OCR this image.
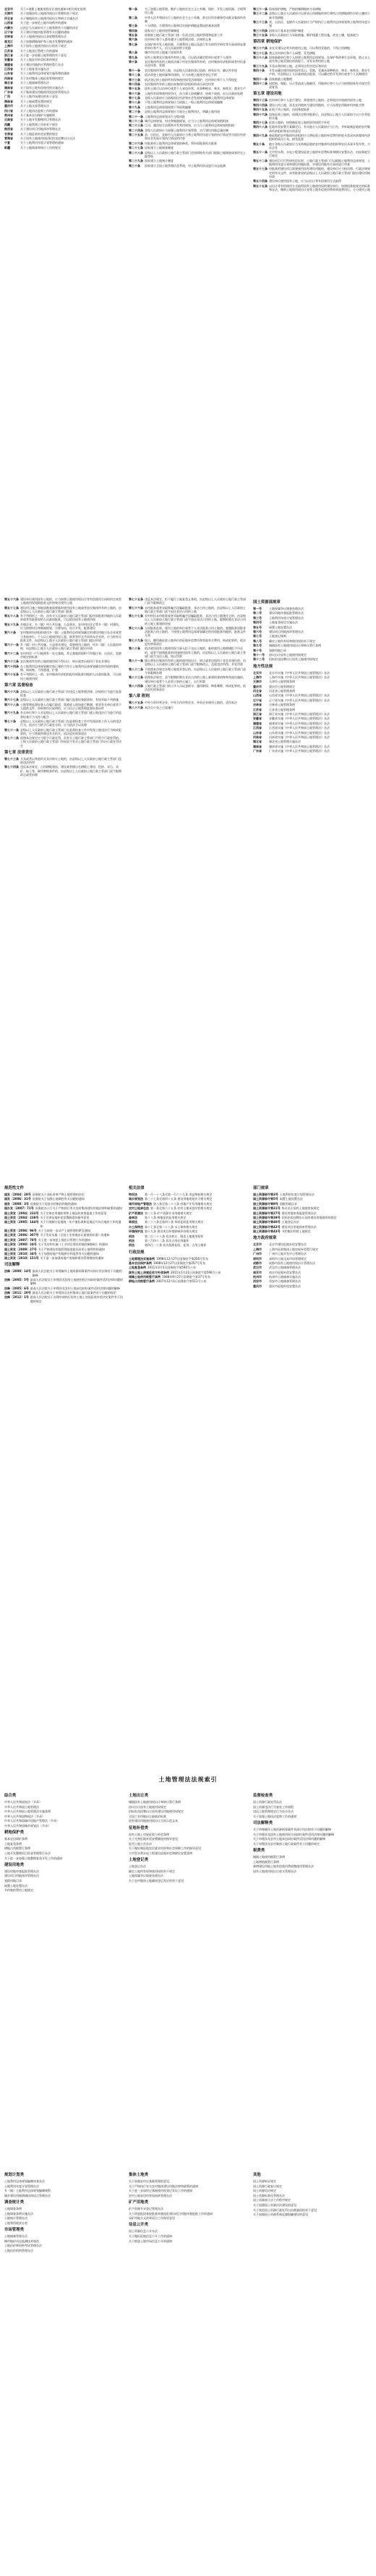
北京市	关于<划拨土地使用权出让金的通知>相关规定说明
天津市	关于加强国有土地使用权出让管理的若干规定
河北省	关于城镇国有土地使用权出让和转让实施办法
山西省	关于进一步规范土地市场秩序的通知
内蒙古	自治区人民政府关于土地管理若干问题的决定
辽宁省	关于建设用地审批管理有关问题的通知
吉林省	关于土地使用权出让金收缴管理办法
黑龙江	关于加强耕地保护和土地开发整理的通知
上海市	关于国有土地使用权出让的若干规定
江苏省	关于土地登记管理工作的通知
浙江省	关于进一步加强土地管理的若干意见
安徽省	关于土地征用补偿标准的规定
福建省	关于建设用地供应管理的暂行办法
江西省	关于土地复垦实施办法
山东省	关于土地利用总体规划实施管理的通知
河南省	关于农村集体土地征收管理的规定
湖北省	关于土地储备管理办法
湖南省	关于国有土地有偿使用的实施办法
广东省	关于集体建设用地使用权流转管理办法
广西	关于土地市场建设的若干意见
海南省	关于土地闲置处置的规定
重庆市	关于土地交易管理办法
四川省	关于土地执法监察工作的通知
贵州省	关于基本农田保护实施细则
云南省	关于土地开发整理项目管理办法
西藏	关于土地管理工作的若干规定
陕西省	关于建设项目用地预审管理办法
甘肃省	关于土地征收补偿安置的规定
青海省	关于国有土地使用权招标拍卖挂牌出让办法
宁夏	关于土地利用年度计划管理的通知
新疆	关于土地调查和统计工作的规定
第一条	为了加强土地管理，维护土地的社会主义公有制，保护、开发土地资源，合理利用土地
第二条	中华人民共和国实行土地的社会主义公有制，即全民所有制和劳动群众集体所有制
第三条	十分珍惜、合理利用土地和切实保护耕地是我国的基本国策
第四条	国家实行土地用途管制制度
第五条	国务院土地行政主管部门统一负责全国土地的管理和监督工作
第六条	任何单位和个人都有遵守土地管理法律、法规的义务
第七条	在保护和开发土地资源、合理利用土地以及进行有关的科学研究等方面成绩显著的单位和个人，由人民政府给予奖励
第八条	城市市区的土地属于国家所有
第九条	国有土地和农民集体所有的土地，可以依法确定给单位或者个人使用
第十条	农民集体所有的土地依法属于村农民集体所有的，由村集体经济组织或者村民委员会经营、管理
第十一条	农民集体所有的土地，由县级人民政府登记造册，核发证书，确认所有权
第十二条	依法改变土地权属和用途的，应当办理土地变更登记手续
第十三条	依法登记的土地的所有权和使用权受法律保护，任何单位和个人不得侵犯
第十四条	农民集体所有的土地由本集体经济组织的成员承包经营
第十五条	国有土地可以由单位或者个人承包经营，从事种植业、林业、畜牧业、渔业生产
第十六条	土地所有权和使用权争议，由当事人协商解决；协商不成的，由人民政府处理
第十七条	各级人民政府应当依据国民经济和社会发展规划编制土地利用总体规划
第十八条	下级土地利用总体规划应当依据上一级土地利用总体规划编制
第十九条	土地利用总体规划按照下列原则编制
第二十条	县级土地利用总体规划应当划分土地利用区，明确土地用途
第二十一条 土地利用总体规划实行分级审批
第二十二条 城市总体规划、村庄和集镇规划，应当与土地利用总体规划相衔接
第二十三条 江河、湖泊综合治理和开发利用规划，应当与土地利用总体规划相衔接
第二十四条 各级人民政府应当加强土地利用计划管理，实行建设用地总量控制
第二十五条 省、自治区、直辖市人民政府应当将土地利用年度计划的执行情况列为国民经济和社会发展计划执行情况的内容
第二十六条 经批准的土地利用总体规划的修改，须经原批准机关批准
第二十七条 国家建立土地调查制度
第二十八条 县级以上人民政府土地行政主管部门会同同级有关部门根据土地调查成果评定土地等级
第二十九条 国家建立土地统计制度
第三十条	国家建立全国土地管理信息系统，对土地利用状况进行动态监测
第三十一条 国家保护耕地，严格控制耕地转为非耕地
第三十二条 县级以上地方人民政府可以要求占用耕地的单位将所占用耕地耕作层的土壤用于新开垦耕地
第三十三条 省、自治区、直辖市人民政府应当严格执行土地利用总体规划和土地利用年度计划
第三十四条 国家实行基本农田保护制度
第三十五条 各级人民政府应当采取措施，维护排灌工程设施，改良土壤，提高地力
第四章 耕地保护
第三十六条 非农业建设必须节约使用土地，可以利用荒地的，不得占用耕地
第三十七条 禁止任何单位和个人闲置、荒芜耕地
第三十八条 国家鼓励单位和个人按照土地利用总体规划，在保护和改善生态环境、防止水土流失和土地荒漠化的前提下，开发未利用的土地
第三十九条 开垦未利用的土地，必须经过科学论证和评估
第四十条	开发未确定使用权的国有荒山、荒地、荒滩从事种植业、林业、畜牧业、渔业生产的，经县级以上人民政府依法批准，可以确定给开发单位或者个人长期使用
第四十一条 国家鼓励土地整理
第四十二条 因挖损、塌陷、压占等造成土地破坏，用地单位和个人应当按照国家有关规定负责复垦
第五章 建设用地
第四十三条 任何单位和个人进行建设，需要使用土地的，必须依法申请使用国有土地
第四十四条 建设占用土地，涉及农用地转为建设用地的，应当办理农用地转用审批手续
第四十五条 征收下列土地的，由国务院批准
第四十六条 国家征收土地的，依照法定程序批准后，由县级以上地方人民政府予以公告并组织实施
第四十七条 征收土地的，按照被征收土地的原用途给予补偿
第四十八条 征地补偿安置方案确定后，有关地方人民政府应当公告，并听取被征地的农村集体经济组织和农民的意见
第四十九条 被征地的农村集体经济组织应当将征收土地的补偿费用的收支状况向本集体经济组织的成员公布，接受监督
第五十条	地方各级人民政府应当支持被征地的农村集体经济组织和农民从事开发经营，兴办企业
第五十一条 大中型水利、水电工程建设征收土地的补偿费标准和移民安置办法，由国务院另行规定
第五十二条 建设项目可行性研究论证时，土地行政主管部门可以根据土地利用总体规划、土地利用年度计划和建设用地标准，对建设用地有关事项进行审查
第五十三条 经批准的建设项目需要使用国有建设用地的，建设单位应当持法律、行政法规规定的有关文件，向有批准权的县级以上人民政府土地行政主管部门提出建设用地申请
第五十四条 建设单位使用国有土地，应当以出让等有偿使用方式取得
第五十五条 以出让等有偿使用方式取得国有土地使用权的建设单位，按照国务院规定的标准和办法，缴纳土地使用权出让金等土地有偿使用费和其他费用后，方可使用土地
第五十六条 建设单位使用国有土地的，应当按照土地使用权出让等有偿使用合同的约定或者土地使用权划拨批准文件的规定使用土地
第五十七条 建设项目施工和地质勘查需要临时使用国有土地或者农民集体所有的土地的，由县级以上人民政府土地行政主管部门批准
第五十八条 有下列情形之一的，由有关人民政府土地行政主管部门报经原批准用地的人民政府或者有批准权的人民政府批准，可以收回国有土地使用权
第五十九条 乡镇企业、乡（镇）村公共设施、公益事业、农村村民住宅等乡（镇）村建设，应当按照村庄和集镇规划，合理布局，综合开发，配套建设
第六十条	农村集体经济组织使用乡（镇）土地利用总体规划确定的建设用地兴办企业或者与其他单位、个人以土地使用权入股、联营等形式共同举办企业的，应当持有关批准文件，向县级以上地方人民政府土地行政主管部门提出申请
第六十一条 乡（镇）村公共设施、公益事业建设，需要使用土地的，经乡（镇）人民政府审核，向县级以上地方人民政府土地行政主管部门提出申请
第六十二条 农村村民一户只能拥有一处宅基地，其宅基地的面积不得超过省、自治区、直辖市规定的标准
第六十三条 农民集体所有的土地的使用权不得出让、转让或者出租用于非农业建设
第六十四条 在土地利用总体规划制定前已建的不符合土地利用总体规划确定的用途的建筑物、构筑物，不得重建、扩建
第六十五条 有下列情形之一的，农村集体经济组织报经原批准用地的人民政府批准，可以收回土地使用权
第六章 监督检查
第六十六条 县级以上人民政府土地行政主管部门对违反土地管理法律、法规的行为进行监督检查
第六十七条 县级以上人民政府土地行政主管部门履行监督检查职责时，有权采取下列措施
第六十八条 土地管理监督检查人员履行职责，需要进入现场进行勘测、要求有关单位或者个人提供文件、资料和作出说明的，应当出示土地管理监督检查证件
第六十九条 有关单位和个人对县级以上人民政府土地行政主管部门就土地违法行为进行的监督检查应当支持与配合
第七十条	县级以上人民政府土地行政主管部门在监督检查工作中发现国家工作人员的违法行为，依法应当给予行政处分的，应当依法予以处理
第七十一条 县级以上人民政府土地行政主管部门在监督检查工作中发现土地违法行为构成犯罪的，应当将案件移送有关机关，依法追究刑事责任
第七十二条 依照本法规定应当给予行政处罚，而有关土地行政主管部门不给予行政处罚的，上级人民政府土地行政主管部门有权责令有关土地行政主管部门作出行政处罚决定
第七章 法律责任
第七十三条 买卖或者以其他形式非法转让土地的，由县级以上人民政府土地行政主管部门没收违法所得
第七十四条 违反本法规定，占用耕地建窑、建坟或者擅自在耕地上建房、挖砂、采石、采矿、取土等，破坏种植条件的，由县级以上人民政府土地行政主管部门责令限期改正或者治理
第七十五条 违反本法规定，拒不履行土地复垦义务的，由县级以上人民政府土地行政主管部门责令限期改正
第七十六条 未经批准或者采取欺骗手段骗取批准，非法占用土地的，由县级以上人民政府土地行政主管部门责令退还非法占用的土地
第七十七条 农村村民未经批准或者采取欺骗手段骗取批准，非法占用土地建住宅的，由县级以上人民政府土地行政主管部门责令退还非法占用的土地，限期拆除在非法占用的土地上新建的房屋
第七十八条 无权批准征收、使用土地的单位或者个人非法批准占用土地的，超越批准权限非法批准占用土地的，不按照土地利用总体规划确定的用途批准用地的，批准文件无效
第七十九条 侵占、挪用被征收土地单位的征地补偿费用和其他有关费用，构成犯罪的，依法追究刑事责任
第八十条	依法收回国有土地使用权当事人拒不交出土地的，临时使用土地期满拒不归还的，或者不按照批准的用途使用国有土地的，由县级以上人民政府土地行政主管部门责令交还土地，处以罚款
第八十一条 擅自将农民集体所有的土地的使用权出让、转让或者出租用于非农业建设的，由县级以上人民政府土地行政主管部门责令限期改正，没收违法所得，并处罚款
第八十二条 不依照本法规定办理土地变更登记的，由县级以上人民政府土地行政主管部门责令其限期办理
第八十三条 依照本法规定，责令限期拆除在非法占用的土地上新建的建筑物和其他设施的，建设单位或者个人必须立即停止施工，自行拆除
第八十四条 土地行政主管部门的工作人员玩忽职守、滥用职权、徇私舞弊，构成犯罪的，依法追究刑事责任
第八章 附则
第八十五条 中外合资经营企业、中外合作经营企业、外资企业使用土地的，适用本法
第八十六条 本法自公布之日起施行
国土资源部规章
第一号	土地权属争议调查处理办法
第二号	建设用地审查报批管理办法
第三号	土地利用年度计划管理办法
第四号	土地复垦规定实施办法
第五号	闲置土地处置办法
第六号	建设项目用地预审管理办法
第七号	土地登记规则
第八号	确定土地所有权和使用权的若干规定
第九号	城镇国有土地使用权出让和转让暂行条例
第十号	划拨用地目录
第十一号	协议出让国有土地使用权规定
第十二号	招标拍卖挂牌出让国有土地使用权规定
地方性法规
北京市	北京市实施《中华人民共和国土地管理法》办法
上海市	上海市实施《中华人民共和国土地管理法》办法
天津市	天津市土地管理条例
重庆市	重庆市土地管理规定
河北省	河北省土地管理条例
山西省	山西省实施《中华人民共和国土地管理法》办法
辽宁省	辽宁省实施《中华人民共和国土地管理法》办法
吉林省	吉林省土地管理条例
江苏省	江苏省土地管理条例
浙江省	浙江省实施《中华人民共和国土地管理法》办法
安徽省	安徽省实施《中华人民共和国土地管理法》办法
福建省	福建省实施《中华人民共和国土地管理法》办法
江西省	江西省实施《中华人民共和国土地管理法》办法
山东省	山东省实施《中华人民共和国土地管理法》办法
河南省	河南省实施《中华人民共和国土地管理法》办法
湖北省	湖北省土地管理实施办法
湖南省	湖南省实施《中华人民共和国土地管理法》办法
广东省	广东省实施《中华人民共和国土地管理法》办法
规范性文件
国发〔2004〕28号 国务院关于深化改革严格土地管理的决定
国发〔2006〕31号 国务院关于加强土地调控有关问题的通知
国发〔2008〕3号 国务院关于促进节约集约用地的通知
国办发〔2007〕71号 国务院办公厅关于严格执行有关农村集体建设用地法律和政策的通知
国土资发〔2004〕232号 关于完善农用地转用和土地征收审查报批工作的意见
国土资发〔2004〕238号 关于完善征地补偿安置制度的指导意见
国土资发〔2005〕144号 关于开展制订征地统一年产值标准和征地区片综合地价工作的通知
国土资发〔2006〕96号 关于当前进一步从严土地管理的紧急通知
国土资发〔2006〕307号 关于发布实施《全国工业用地出让最低价标准》的通知
国土资发〔2007〕78号 关于进一步规范土地出让管理工作的通知
国土资发〔2008〕24号 关于发布和实施《工业项目建设用地控制指标》的通知
国土资发〔2009〕27号 关于严格建设用地管理促进批而未用土地利用的通知
国土资发〔2010〕34号 关于加强房地产用地供应和监管有关问题的通知
国土资发〔2010〕151号 关于进一步加强房地产用地和建设管理调控的通知
司法解释
法释〔2000〕14号 最高人民法院关于审理破坏土地资源刑事案件具体应用法律若干问题的解释
法释〔2005〕5号 最高人民法院关于审理涉及国有土地使用权合同纠纷案件适用法律问题的解释
法释〔2005〕6号 最高人民法院关于审理涉及农村土地承包纠纷案件适用法律问题的解释
法释〔2011〕20号 最高人民法院关于审理涉及农村集体土地行政案件若干问题的规定
法释〔2012〕1号 最高人民法院关于办理申请执行国有土地上房屋征收补偿决定案件若干问题的规定
相关法律
物权法	第一百一十八条至第一百六十九条 用益物权相关规定
城乡规划法 第三十七条至第四十五条 建设用地规划许可相关规定
城市房地产管理法 第八条至第二十八条 房地产开发用地相关规定
农村土地承包法 第一条至第六十五条 农村土地承包经营相关规定
矿产资源法 第二十条 矿产资源开采用地相关规定
森林法	第十八条 林地征收征用相关规定
草原法	第三十八条至第四十条 草原征收征用相关规定
水土保持法 第十七条至第二十八条 水土保持相关规定
环境保护法 第十九条 建设项目环境影响评价相关规定
刑法	第二百二十八条 非法转让、倒卖土地使用权罪
刑法	第三百四十二条 非法占用农用地罪
刑法	第四百一十条 非法批准征收、征用、占用土地罪
行政法规
土地管理法实施条例 1998年12月27日国务院令第256号发布
基本农田保护条例 1998年12月27日国务院令第257号发布
土地复垦条例 2011年3月5日国务院令第592号公布
国有土地上房屋征收与补偿条例 2011年1月21日国务院令第590号公布
城镇土地使用税暂行条例 1988年9月27日国务院令第17号发布
耕地占用税暂行条例 2007年12月1日国务院令第511号公布
部门规章
国土资源部令第3号 土地利用年度计划管理办法
国土资源部令第5号 闲置土地处置办法
国土资源部令第9号 划拨用地目录
国土资源部令第21号 协议出让国有土地使用权规定
国土资源部令第27号 建设用地审查报批管理办法
国土资源部令第39号 招标拍卖挂牌出让国有建设用地使用权规定
国土资源部令第40号 土地登记办法
国土资源部令第42号 建设项目用地预审管理办法
国土资源部令第43号 节约集约利用土地规定
地方政府规章
北京市	北京市建设征地补偿安置办法
上海市	上海市征收集体土地房屋补偿暂行规定
广州市	广州市土地开发中心管理办法
深圳市	深圳市土地交易市场管理规定
成都市	成都市国有土地使用权出让管理办法
武汉市	武汉市土地储备管理办法
南京市	南京市征地补偿安置办法
杭州市	杭州市土地储备实施办法
西安市	西安市土地储备管理办法
重庆市	重庆市征地补偿安置办法
土地管理法法规索引
综合类
中华人民共和国宪法（节录）
中华人民共和国土地管理法
中华人民共和国土地管理法实施条例
中华人民共和国物权法（节录）
中华人民共和国城市房地产管理法（节录）
中华人民共和国城乡规划法（节录）
耕地保护类
基本农田保护条例
土地复垦条例
耕地占用税暂行条例
土地开发整理项目资金管理暂行办法
关于进一步加强土地整理复垦开发工作的通知
建设用地类
建设用地审查报批管理办法
建设项目用地预审管理办法
划拨用地目录
闲置土地处置办法
节约集约利用土地规定
土地出让类
城镇国有土地使用权出让和转让暂行条例
协议出让国有土地使用权规定
招标拍卖挂牌出让国有建设用地使用权规定
全国工业用地出让最低价标准
国有建设用地使用权出让合同示范文本
征地补偿类
国有土地上房屋征收与补偿条例
关于完善征地补偿安置制度的指导意见
征用土地公告办法
关于做好被征地农民就业培训和社会保障工作的指导意见
大中型水利水电工程建设征地补偿和移民安置条例
土地登记类
土地登记办法
确定土地所有权和使用权的若干规定
土地权属争议调查处理办法
关于农村集体土地确权登记发证的若干意见
监督检查类
国土资源行政处罚办法
国土资源违法行为查处工作规程
违反土地管理规定行为处分办法
关于加强土地执法监察工作的通知
司法解释类
关于审理破坏土地资源刑事案件具体应用法律若干问题的解释
关于审理涉及国有土地使用权合同纠纷案件适用法律问题的解释
关于审理涉及农村土地承包纠纷案件适用法律问题的解释
关于审理涉及农村集体土地行政案件若干问题的规定
税费类
城镇土地使用税暂行条例
土地增值税暂行条例
新增建设用地土地有偿使用费收缴使用管理办法
国有土地使用权出让收支管理办法
规划计划类
土地利用总体规划编制审查办法
土地利用年度计划管理办法
乡（镇）土地利用总体规划编制规程
城乡建设用地增减挂钩试点管理办法
调查统计类
土地调查条例
土地调查条例实施办法
土地统计管理办法
土地利用现状分类
市场管理类
土地储备管理办法
城市地价动态监测技术规范
土地估价师资格考试管理办法
土地估价机构管理办法
集体土地类
关于加强农村宅基地管理的意见
关于严格执行有关农村集体建设用地法律和政策的通知
关于进一步加快宅基地使用权登记发证工作的通知
农村土地承包经营权流转管理办法
矿产用地类
矿产资源开采登记管理办法
关于改进报国务院批准单独选址建设项目用地审查报批工作的通知
采矿用地方式改革试点工作指导意见
信息公开类
国土资源信息公开办法
关于做好征地信息公开工作的通知
关于推进土地市场信息公开的通知
其他
国土资源听证规定
国土资源行政复议规定
国土资源信访规定
国土资源标准化管理办法
国土资源部立法工作程序规定
关于加强国土资源法治建设的意见
关于规范国土资源行政处罚自由裁量权的若干意见
关于加强国土资源系统反腐倡廉建设的意见
